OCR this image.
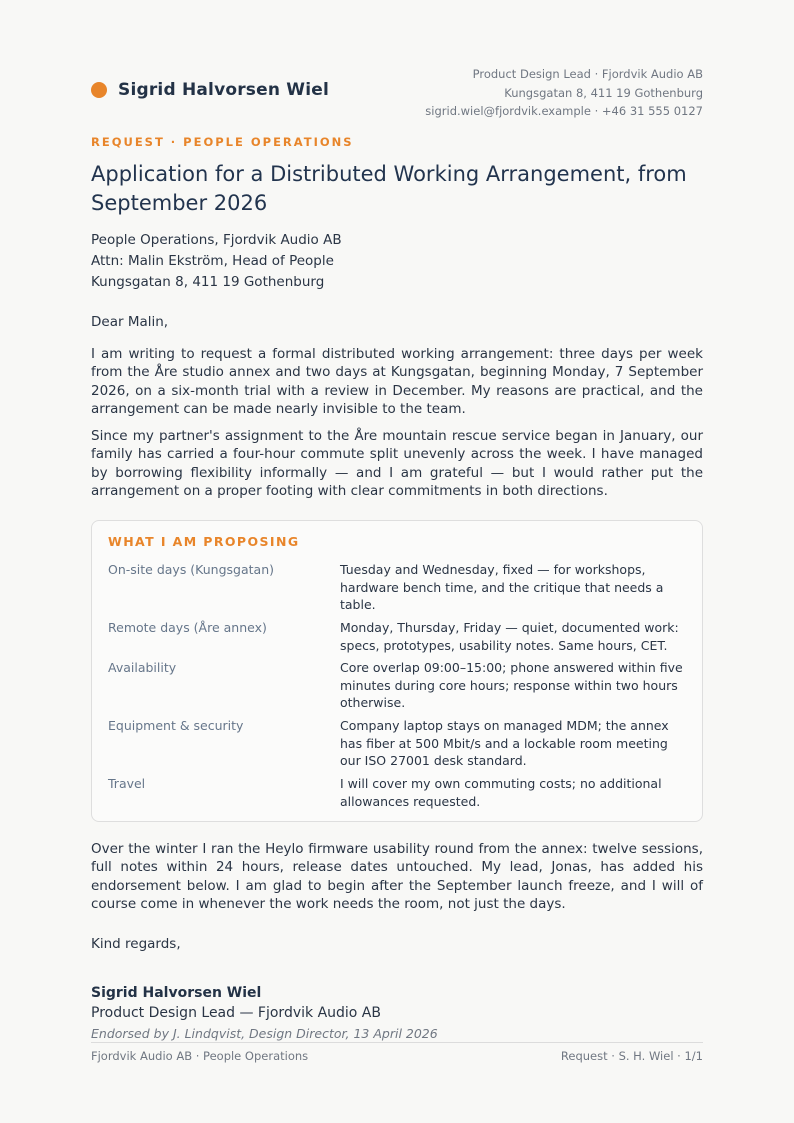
Sigrid Halvorsen Wiel
Product Design Lead · Fjordvik Audio AB
Kungsgatan 8, 411 19 Gothenburg
sigrid.wiel@fjordvik.example · +46 31 555 0127
REQUEST · PEOPLE OPERATIONS
Application for a Distributed Working Arrangement, from September 2026
People Operations, Fjordvik Audio AB
Attn: Malin Ekström, Head of People
Kungsgatan 8, 411 19 Gothenburg

Dear Malin,

I am writing to request a formal distributed working arrangement: three days per week from the Åre studio annex and two days at Kungsgatan, beginning Monday, 7 September 2026, on a six-month trial with a review in December. My reasons are practical, and the arrangement can be made nearly invisible to the team.

Since my partner's assignment to the Åre mountain rescue service began in January, our family has carried a four-hour commute split unevenly across the week. I have managed by borrowing flexibility informally — and I am grateful — but I would rather put the arrangement on a proper footing with clear commitments in both directions.

WHAT I AM PROPOSING
On-site days (Kungsgatan)	Tuesday and Wednesday, fixed — for workshops, hardware bench time, and the critique that needs a table.
Remote days (Åre annex)	Monday, Thursday, Friday — quiet, documented work: specs, prototypes, usability notes. Same hours, CET.
Availability	Core overlap 09:00–15:00; phone answered within five minutes during core hours; response within two hours otherwise.
Equipment & security	Company laptop stays on managed MDM; the annex has fiber at 500 Mbit/s and a lockable room meeting our ISO 27001 desk standard.
Travel	I will cover my own commuting costs; no additional allowances requested.

Over the winter I ran the Heylo firmware usability round from the annex: twelve sessions, full notes within 24 hours, release dates untouched. My lead, Jonas, has added his endorsement below. I am glad to begin after the September launch freeze, and I will of course come in whenever the work needs the room, not just the days.

Kind regards,

Sigrid Halvorsen Wiel
Product Design Lead — Fjordvik Audio AB
Endorsed by J. Lindqvist, Design Director, 13 April 2026
Fjordvik Audio AB · People Operations	Request · S. H. Wiel · 1/1
